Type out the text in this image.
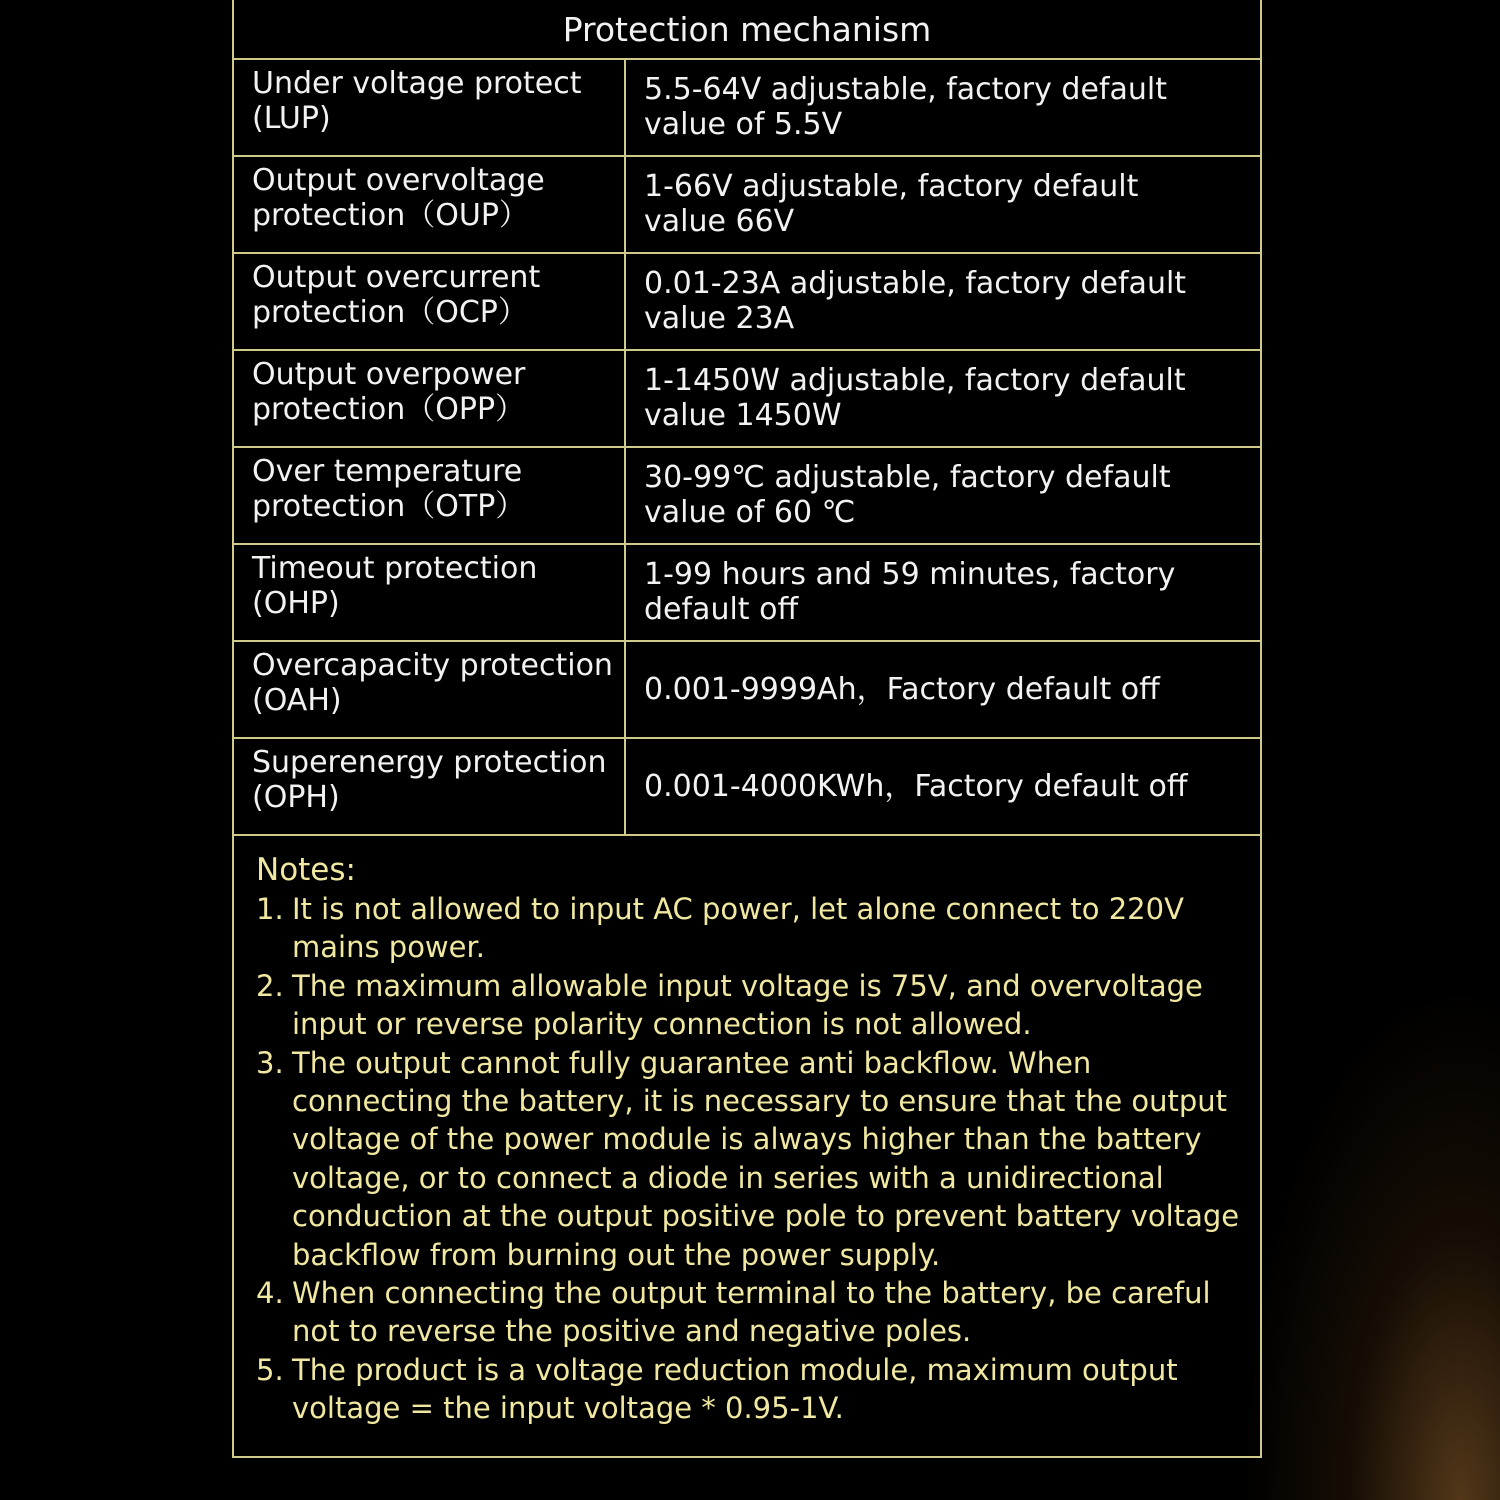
Protection mechanism
Under voltage protect
(LUP)
5.5-64V adjustable, factory default
value of 5.5V
Output overvoltage
protection（OUP）
1-66V adjustable, factory default
value 66V
Output overcurrent
protection（OCP）
0.01-23A adjustable, factory default
value 23A
Output overpower
protection（OPP）
1-1450W adjustable, factory default
value 1450W
Over temperature
protection（OTP）
30-99℃ adjustable, factory default
value of 60 ℃
Timeout protection
(OHP)
1-99 hours and 59 minutes, factory
default off
Overcapacity protection
(OAH)	0.001-9999Ah，Factory default off
Superenergy protection
(OPH)	0.001-4000KWh，Factory default off
Notes:
1. It is not allowed to input AC power, let alone connect to 220V mains power.
2. The maximum allowable input voltage is 75V, and overvoltage input or reverse polarity connection is not allowed.
3. The output cannot fully guarantee anti backflow. When connecting the battery, it is necessary to ensure that the output voltage of the power module is always higher than the battery voltage, or to connect a diode in series with a unidirectional conduction at the output positive pole to prevent battery voltage backflow from burning out the power supply.
4. When connecting the output terminal to the battery, be careful not to reverse the positive and negative poles.
5. The product is a voltage reduction module, maximum output voltage = the input voltage * 0.95-1V.
